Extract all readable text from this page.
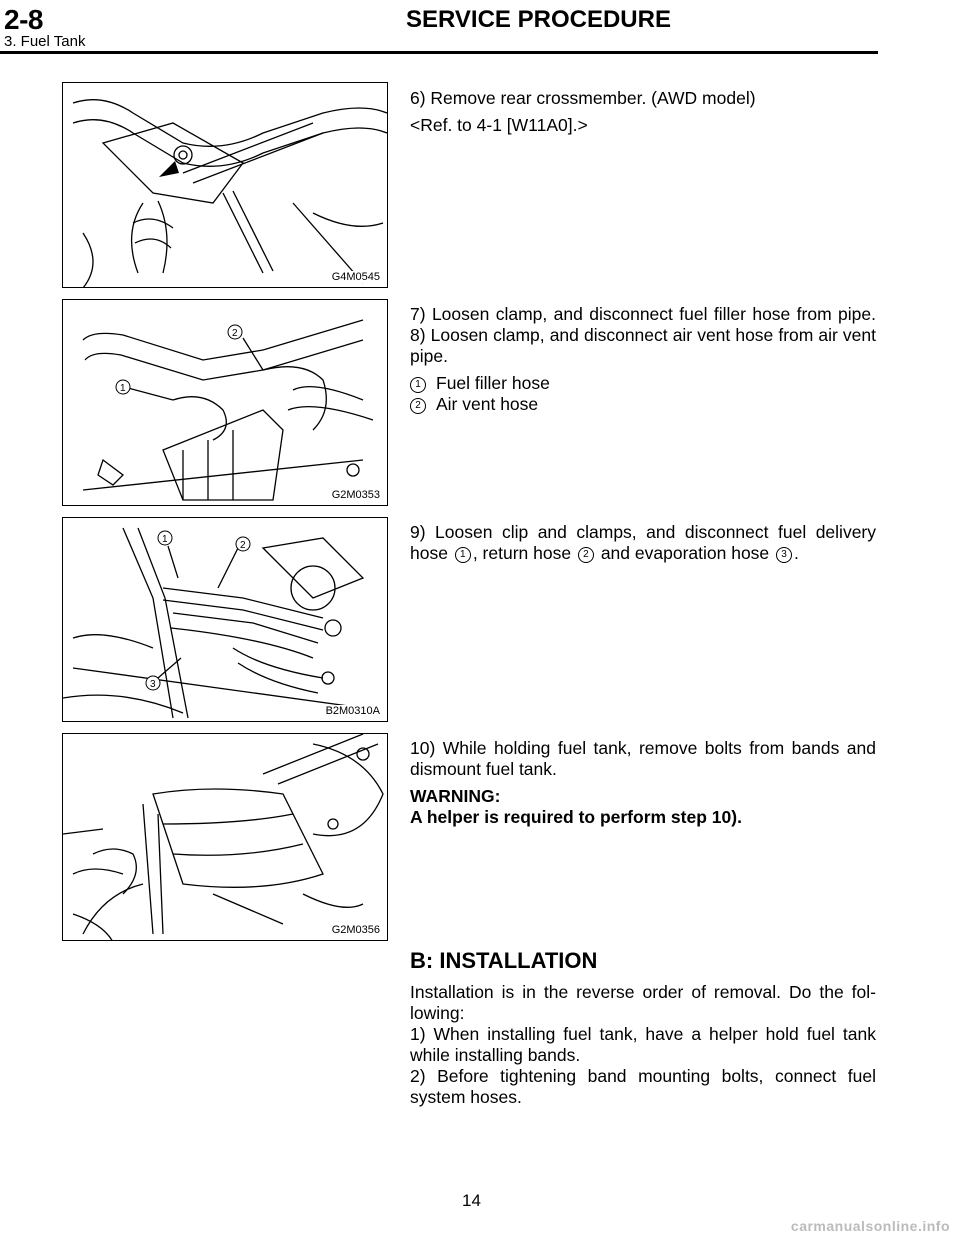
2-8	SERVICE PROCEDURE
3. Fuel Tank
G4M0545

6) Remove rear crossmember. (AWD model)

<Ref. to 4-1 [W11A0].>

1
2
G2M0353

7) Loosen clamp, and disconnect fuel filler hose from pipe. 8) Loosen clamp, and disconnect air vent hose from air vent pipe.

1 Fuel filler hose

2 Air vent hose

1
2
3
B2M0310A

9) Loosen clip and clamps, and disconnect fuel delivery hose 1 , return hose 2 and evaporation hose 3 .

G2M0356

10) While holding fuel tank, remove bolts from bands and dismount fuel tank.

WARNING:

A helper is required to perform step 10).

B: INSTALLATION

Installation is in the reverse order of removal. Do the fol-lowing:

1) When installing fuel tank, have a helper hold fuel tank while installing bands.

2) Before tightening band mounting bolts, connect fuel system hoses.

14
carmanualsonline.info
